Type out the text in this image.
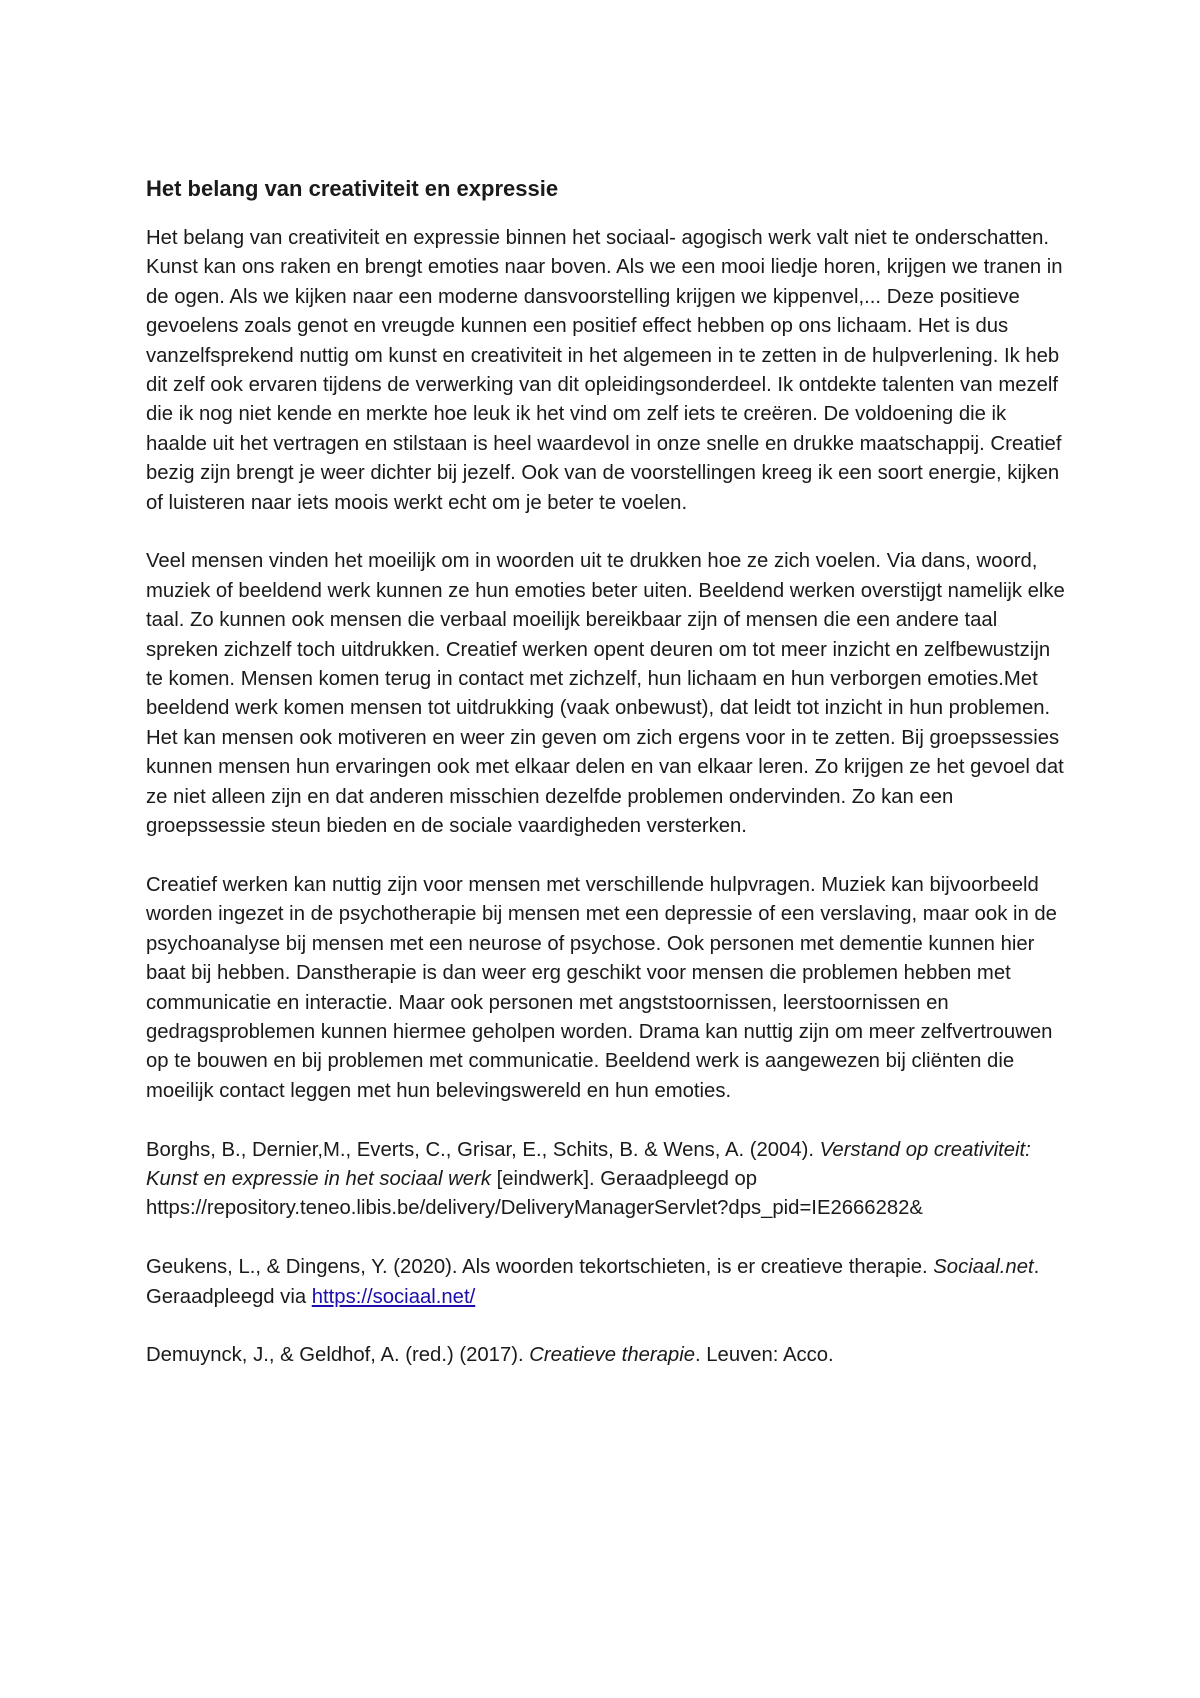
Het belang van creativiteit en expressie

Het belang van creativiteit en expressie binnen het sociaal- agogisch werk valt niet te onderschatten. Kunst kan ons raken en brengt emoties naar boven. Als we een mooi liedje horen, krijgen we tranen in de ogen. Als we kijken naar een moderne dansvoorstelling krijgen we kippenvel,... Deze positieve gevoelens zoals genot en vreugde kunnen een positief effect hebben op ons lichaam. Het is dus vanzelfsprekend nuttig om kunst en creativiteit in het algemeen in te zetten in de hulpverlening. Ik heb dit zelf ook ervaren tijdens de verwerking van dit opleidingsonderdeel. Ik ontdekte talenten van mezelf die ik nog niet kende en merkte hoe leuk ik het vind om zelf iets te creëren. De voldoening die ik haalde uit het vertragen en stilstaan is heel waardevol in onze snelle en drukke maatschappij. Creatief bezig zijn brengt je weer dichter bij jezelf. Ook van de voorstellingen kreeg ik een soort energie, kijken of luisteren naar iets moois werkt echt om je beter te voelen.

Veel mensen vinden het moeilijk om in woorden uit te drukken hoe ze zich voelen. Via dans, woord, muziek of beeldend werk kunnen ze hun emoties beter uiten. Beeldend werken overstijgt namelijk elke taal. Zo kunnen ook mensen die verbaal moeilijk bereikbaar zijn of mensen die een andere taal spreken zichzelf toch uitdrukken. Creatief werken opent deuren om tot meer inzicht en zelfbewustzijn te komen. Mensen komen terug in contact met zichzelf, hun lichaam en hun verborgen emoties.Met beeldend werk komen mensen tot uitdrukking (vaak onbewust), dat leidt tot inzicht in hun problemen. Het kan mensen ook motiveren en weer zin geven om zich ergens voor in te zetten. Bij groepssessies kunnen mensen hun ervaringen ook met elkaar delen en van elkaar leren. Zo krijgen ze het gevoel dat ze niet alleen zijn en dat anderen misschien dezelfde problemen ondervinden. Zo kan een groepssessie steun bieden en de sociale vaardigheden versterken.

Creatief werken kan nuttig zijn voor mensen met verschillende hulpvragen. Muziek kan bijvoorbeeld worden ingezet in de psychotherapie bij mensen met een depressie of een verslaving, maar ook in de psychoanalyse bij mensen met een neurose of psychose. Ook personen met dementie kunnen hier baat bij hebben. Danstherapie is dan weer erg geschikt voor mensen die problemen hebben met communicatie en interactie. Maar ook personen met angststoornissen, leerstoornissen en gedragsproblemen kunnen hiermee geholpen worden. Drama kan nuttig zijn om meer zelfvertrouwen op te bouwen en bij problemen met communicatie. Beeldend werk is aangewezen bij cliënten die moeilijk contact leggen met hun belevingswereld en hun emoties.

Borghs, B., Dernier,M., Everts, C., Grisar, E., Schits, B. & Wens, A. (2004). Verstand op creativiteit: Kunst en expressie in het sociaal werk [eindwerk]. Geraadpleegd op https://repository.teneo.libis.be/delivery/DeliveryManagerServlet?dps_pid=IE2666282&

Geukens, L., & Dingens, Y. (2020). Als woorden tekortschieten, is er creatieve therapie. Sociaal.net. Geraadpleegd via https://sociaal.net/

Demuynck, J., & Geldhof, A. (red.) (2017). Creatieve therapie. Leuven: Acco.
